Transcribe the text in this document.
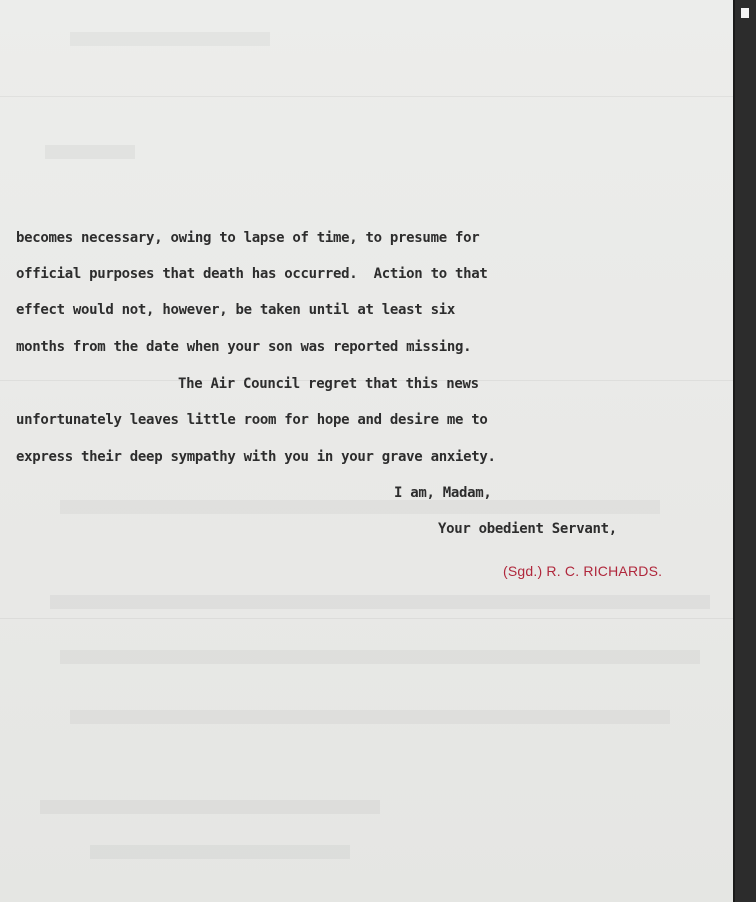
becomes necessary, owing to lapse of time, to presume for
official purposes that death has occurred.  Action to that
effect would not, however, be taken until at least six
months from the date when your son was reported missing.
The Air Council regret that this news
unfortunately leaves little room for hope and desire me to
express their deep sympathy with you in your grave anxiety.
I am, Madam,
Your obedient Servant,
(Sgd.) R. C. RICHARDS.
